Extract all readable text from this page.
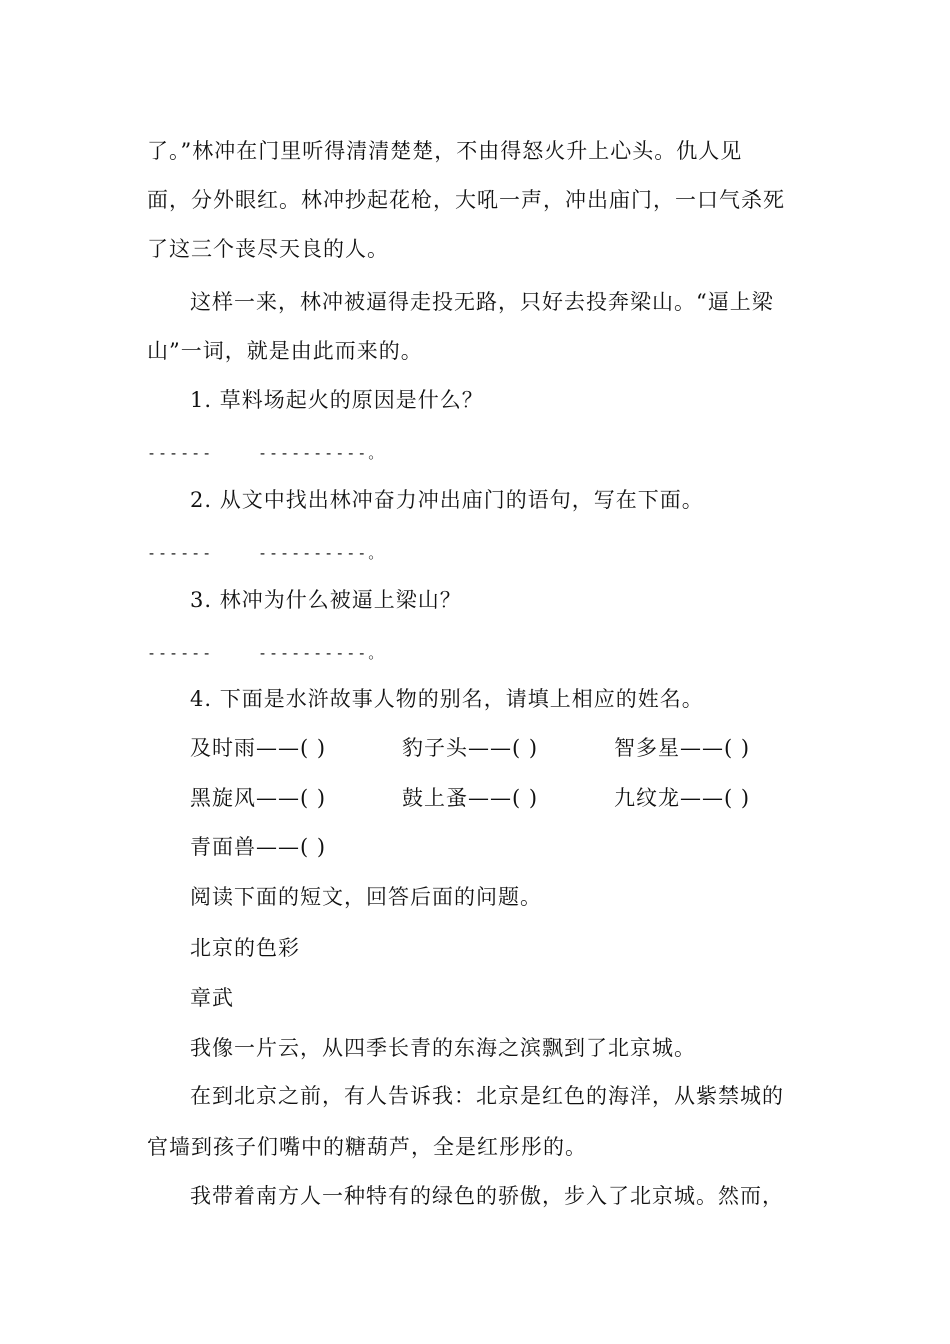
了。”林冲在门里听得清清楚楚，不由得怒火升上心头。仇人见
面，分外眼红。林冲抄起花枪，大吼一声，冲出庙门，一口气杀死
了这三个丧尽天良的人。
这样一来，林冲被逼得走投无路，只好去投奔梁山。“逼上梁
山”一词，就是由此而来的。
1. 草料场起火的原因是什么？
------	----------。
2. 从文中找出林冲奋力冲出庙门的语句，写在下面。
------	----------。
3. 林冲为什么被逼上梁山？
------	----------。
4. 下面是水浒故事人物的别名，请填上相应的姓名。
及时雨——( )	豹子头——( )	智多星——( )
黑旋风——( )	鼓上蚤——( )	九纹龙——( )
青面兽——( )
阅读下面的短文，回答后面的问题。
北京的色彩
章武
我像一片云，从四季长青的东海之滨飘到了北京城。
在到北京之前，有人告诉我：北京是红色的海洋，从紫禁城的
官墙到孩子们嘴中的糖葫芦，全是红彤彤的。
我带着南方人一种特有的绿色的骄傲，步入了北京城。然而，
